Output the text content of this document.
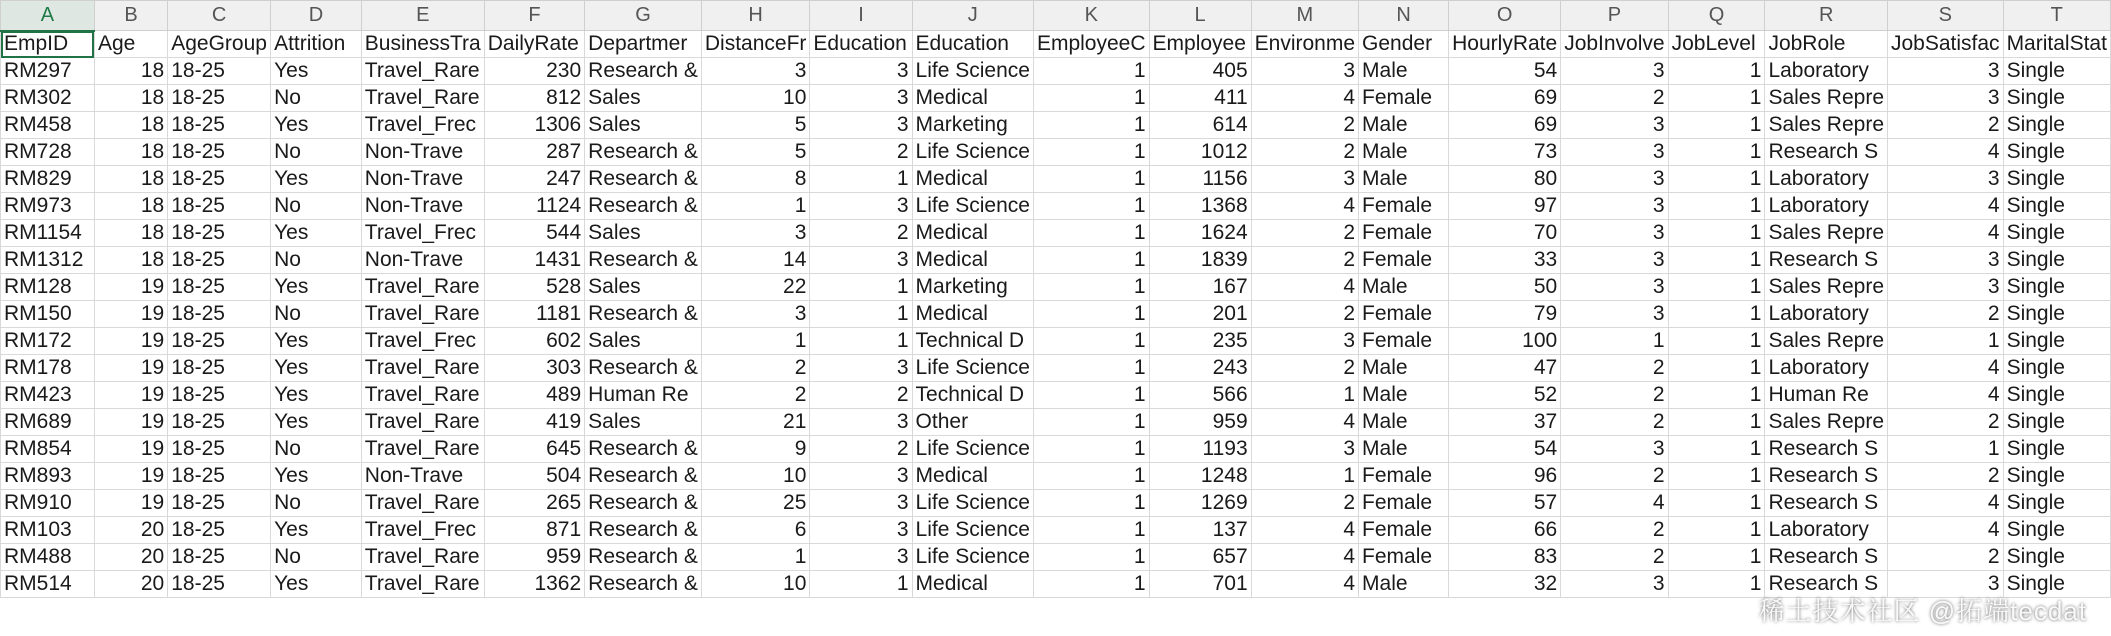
A	B	C	D	E	F	G	H	I	J	K	L	M	N	O	P	Q	R	S	T
EmpID	Age	AgeGroup	Attrition	BusinessTra	DailyRate	Departmer	DistanceFr	Education	Education	EmployeeC	Employee	Environme	Gender	HourlyRate	JobInvolve	JobLevel	JobRole	JobSatisfac	MaritalStat
RM297	18	18-25	Yes	Travel_Rare	230	Research &	3	3	Life Science	1	405	3	Male	54	3	1	Laboratory	3	Single
RM302	18	18-25	No	Travel_Rare	812	Sales	10	3	Medical	1	411	4	Female	69	2	1	Sales Repre	3	Single
RM458	18	18-25	Yes	Travel_Frec	1306	Sales	5	3	Marketing	1	614	2	Male	69	3	1	Sales Repre	2	Single
RM728	18	18-25	No	Non-Trave	287	Research &	5	2	Life Science	1	1012	2	Male	73	3	1	Research S	4	Single
RM829	18	18-25	Yes	Non-Trave	247	Research &	8	1	Medical	1	1156	3	Male	80	3	1	Laboratory	3	Single
RM973	18	18-25	No	Non-Trave	1124	Research &	1	3	Life Science	1	1368	4	Female	97	3	1	Laboratory	4	Single
RM1154	18	18-25	Yes	Travel_Frec	544	Sales	3	2	Medical	1	1624	2	Female	70	3	1	Sales Repre	4	Single
RM1312	18	18-25	No	Non-Trave	1431	Research &	14	3	Medical	1	1839	2	Female	33	3	1	Research S	3	Single
RM128	19	18-25	Yes	Travel_Rare	528	Sales	22	1	Marketing	1	167	4	Male	50	3	1	Sales Repre	3	Single
RM150	19	18-25	No	Travel_Rare	1181	Research &	3	1	Medical	1	201	2	Female	79	3	1	Laboratory	2	Single
RM172	19	18-25	Yes	Travel_Frec	602	Sales	1	1	Technical D	1	235	3	Female	100	1	1	Sales Repre	1	Single
RM178	19	18-25	Yes	Travel_Rare	303	Research &	2	3	Life Science	1	243	2	Male	47	2	1	Laboratory	4	Single
RM423	19	18-25	Yes	Travel_Rare	489	Human Re	2	2	Technical D	1	566	1	Male	52	2	1	Human Re	4	Single
RM689	19	18-25	Yes	Travel_Rare	419	Sales	21	3	Other	1	959	4	Male	37	2	1	Sales Repre	2	Single
RM854	19	18-25	No	Travel_Rare	645	Research &	9	2	Life Science	1	1193	3	Male	54	3	1	Research S	1	Single
RM893	19	18-25	Yes	Non-Trave	504	Research &	10	3	Medical	1	1248	1	Female	96	2	1	Research S	2	Single
RM910	19	18-25	No	Travel_Rare	265	Research &	25	3	Life Science	1	1269	2	Female	57	4	1	Research S	4	Single
RM103	20	18-25	Yes	Travel_Frec	871	Research &	6	3	Life Science	1	137	4	Female	66	2	1	Laboratory	4	Single
RM488	20	18-25	No	Travel_Rare	959	Research &	1	3	Life Science	1	657	4	Female	83	2	1	Research S	2	Single
RM514	20	18-25	Yes	Travel_Rare	1362	Research &	10	1	Medical	1	701	4	Male	32	3	1	Research S	3	Single
稀土技术社区 @拓端tecdat
